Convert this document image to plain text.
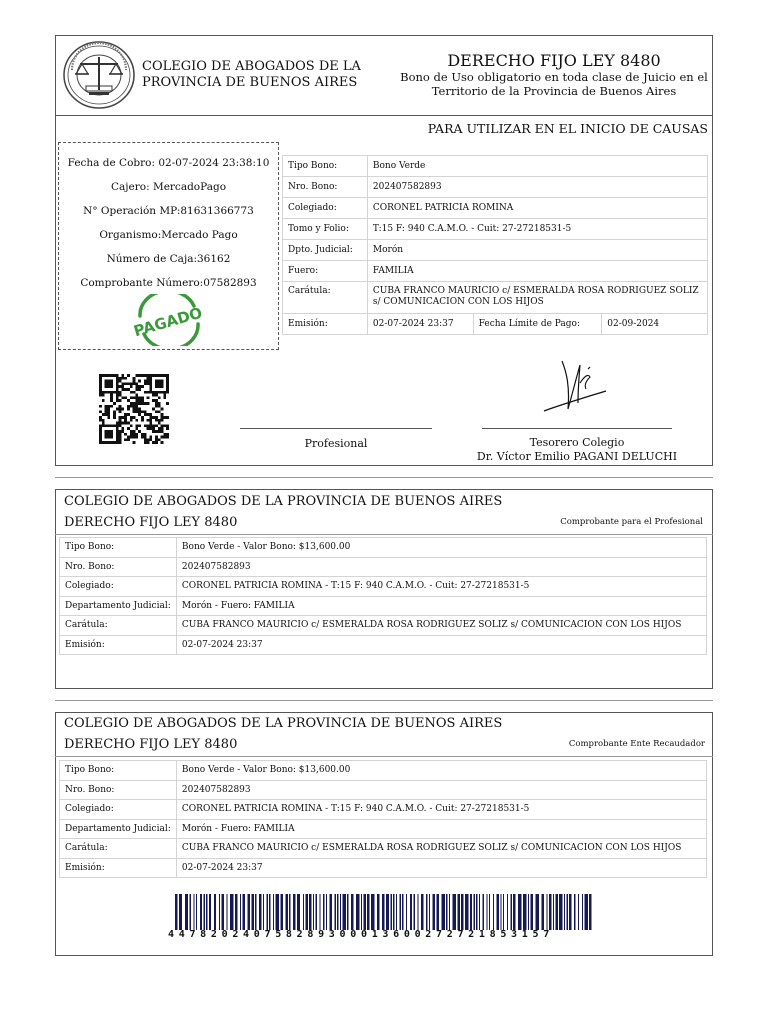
COLEGIO DE ABOGADOS DE LA
PROVINCIA DE BUENOS AIRES
DERECHO FIJO LEY 8480
Bono de Uso obligatorio en toda clase de Juicio en el
Territorio de la Provincia de Buenos Aires
PARA UTILIZAR EN EL INICIO DE CAUSAS

Fecha de Cobro: 02-07-2024 23:38:10

Cajero: MercadoPago

N° Operación MP:81631366773

Organismo:Mercado Pago

Número de Caja:36162

Comprobante Número:07582893

PAGADO
Tipo Bono:	Bono Verde		
Nro. Bono:	202407582893		
Colegiado:	CORONEL PATRICIA ROMINA		
Tomo y Folio:	T:15 F: 940 C.A.M.O. - Cuit: 27-27218531-5		
Dpto. Judicial:	Morón		
Fuero:	FAMILIA		
Carátula:	CUBA FRANCO MAURICIO c/ ESMERALDA ROSA RODRIGUEZ SOLIZ
s/ COMUNICACION CON LOS HIJOS		

Emisión:	02-07-2024 23:37	Fecha Límite de Pago:	02-09-2024
Profesional	Tesorero Colegio
Dr. Víctor Emilio PAGANI DELUCHI
COLEGIO DE ABOGADOS DE LA PROVINCIA DE BUENOS AIRES
DERECHO FIJO LEY 8480	Comprobante para el Profesional
Tipo Bono:	Bono Verde - Valor Bono: $13,600.00
Nro. Bono:	202407582893
Colegiado:	CORONEL PATRICIA ROMINA - T:15 F: 940 C.A.M.O. - Cuit: 27-27218531-5
Departamento Judicial:	Morón - Fuero: FAMILIA
Carátula:	CUBA FRANCO MAURICIO c/ ESMERALDA ROSA RODRIGUEZ SOLIZ s/ COMUNICACION CON LOS HIJOS
Emisión:	02-07-2024 23:37
COLEGIO DE ABOGADOS DE LA PROVINCIA DE BUENOS AIRES
DERECHO FIJO LEY 8480	Comprobante Ente Recaudador
Tipo Bono:	Bono Verde - Valor Bono: $13,600.00
Nro. Bono:	202407582893
Colegiado:	CORONEL PATRICIA ROMINA - T:15 F: 940 C.A.M.O. - Cuit: 27-27218531-5
Departamento Judicial:	Morón - Fuero: FAMILIA
Carátula:	CUBA FRANCO MAURICIO c/ ESMERALDA ROSA RODRIGUEZ SOLIZ s/ COMUNICACION CON LOS HIJOS
Emisión:	02-07-2024 23:37
447820240758289300013600272721853157
